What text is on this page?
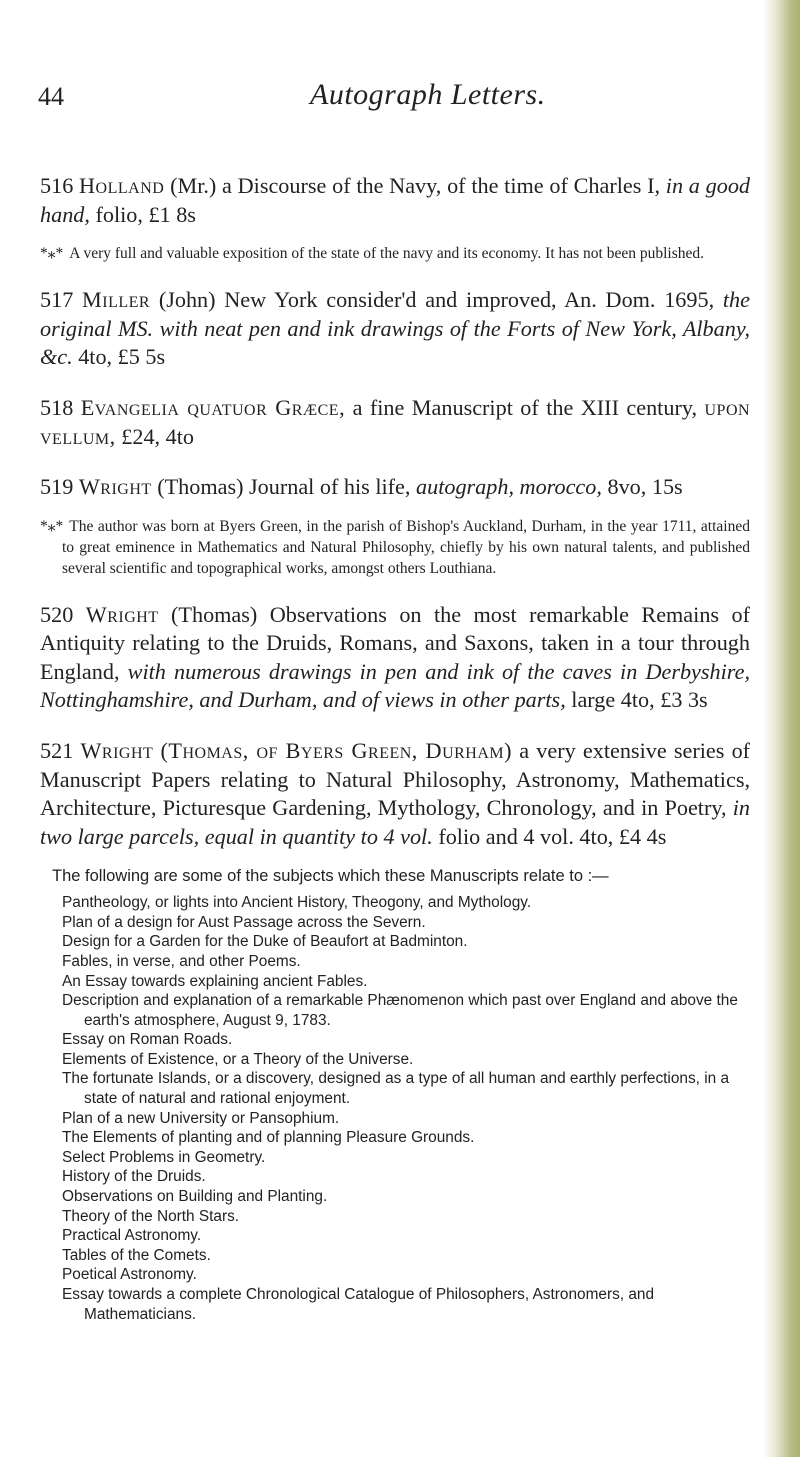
44	Autograph Letters.

516 Holland (Mr.) a Discourse of the Navy, of the time of Charles I, in a good hand, folio, £1 8s

*⁎* A very full and valuable exposition of the state of the navy and its economy. It has not been published.

517 Miller (John) New York consider'd and improved, An. Dom. 1695, the original MS. with neat pen and ink drawings of the Forts of New York, Albany, &c. 4to, £5 5s

518 Evangelia quatuor Græce, a fine Manuscript of the XIII century, upon vellum, £24, 4to

519 Wright (Thomas) Journal of his life, autograph, morocco, 8vo, 15s

*⁎* The author was born at Byers Green, in the parish of Bishop's Auckland, Durham, in the year 1711, attained to great eminence in Mathematics and Natural Philosophy, chiefly by his own natural talents, and published several scientific and topographical works, amongst others Louthiana.

520 Wright (Thomas) Observations on the most remarkable Remains of Antiquity relating to the Druids, Romans, and Saxons, taken in a tour through England, with numerous drawings in pen and ink of the caves in Derbyshire, Nottinghamshire, and Durham, and of views in other parts, large 4to, £3 3s

521 Wright (Thomas, of Byers Green, Durham) a very extensive series of Manuscript Papers relating to Natural Philosophy, Astronomy, Mathematics, Architecture, Picturesque Gardening, Mythology, Chronology, and in Poetry, in two large parcels, equal in quantity to 4 vol. folio and 4 vol. 4to, £4 4s

The following are some of the subjects which these Manuscripts relate to :—

Pantheology, or lights into Ancient History, Theogony, and Mythology.
Plan of a design for Aust Passage across the Severn.
Design for a Garden for the Duke of Beaufort at Badminton.
Fables, in verse, and other Poems.
An Essay towards explaining ancient Fables.
Description and explanation of a remarkable Phænomenon which past over England and above the earth's atmosphere, August 9, 1783.
Essay on Roman Roads.
Elements of Existence, or a Theory of the Universe.
The fortunate Islands, or a discovery, designed as a type of all human and earthly perfections, in a state of natural and rational enjoyment.
Plan of a new University or Pansophium.
The Elements of planting and of planning Pleasure Grounds.
Select Problems in Geometry.
History of the Druids.
Observations on Building and Planting.
Theory of the North Stars.
Practical Astronomy.
Tables of the Comets.
Poetical Astronomy.
Essay towards a complete Chronological Catalogue of Philosophers, Astronomers, and Mathematicians.
